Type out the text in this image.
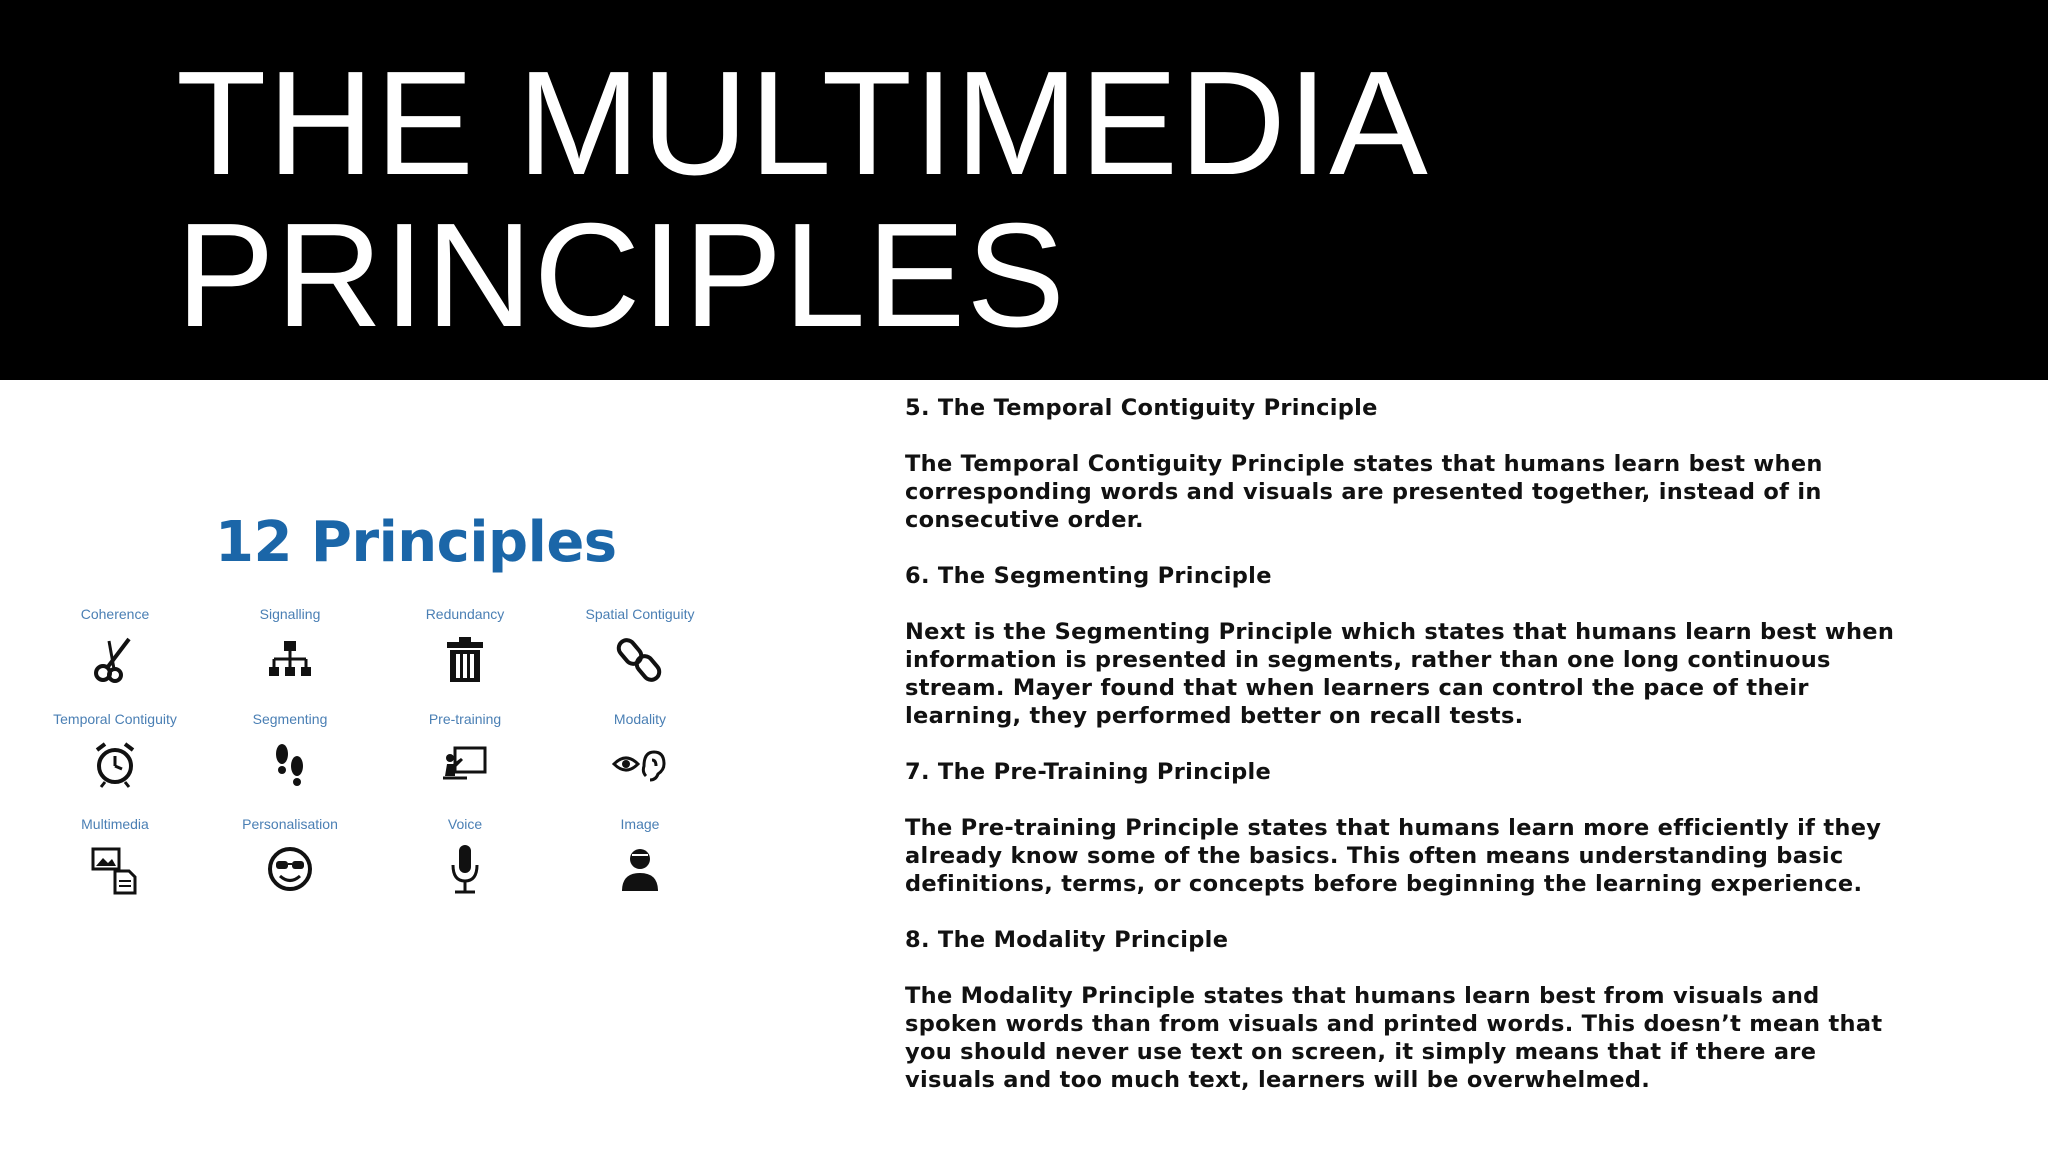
THE MULTIMEDIA
PRINCIPLES
12 Principles
Coherence	Signalling	Redundancy	Spatial Contiguity
Temporal Contiguity	Segmenting	Pre-training	Modality
Multimedia	Personalisation	Voice	Image

5. The Temporal Contiguity Principle

The Temporal Contiguity Principle states that humans learn best when corresponding words and visuals are presented together, instead of in consecutive order.

6. The Segmenting Principle

Next is the Segmenting Principle which states that humans learn best when information is presented in segments, rather than one long continuous stream. Mayer found that when learners can control the pace of their learning, they performed better on recall tests.

7. The Pre-Training Principle

The Pre-training Principle states that humans learn more efficiently if they already know some of the basics. This often means understanding basic definitions, terms, or concepts before beginning the learning experience.

8. The Modality Principle

The Modality Principle states that humans learn best from visuals and spoken words than from visuals and printed words. This doesn’t mean that you should never use text on screen, it simply means that if there are visuals and too much text, learners will be overwhelmed.
